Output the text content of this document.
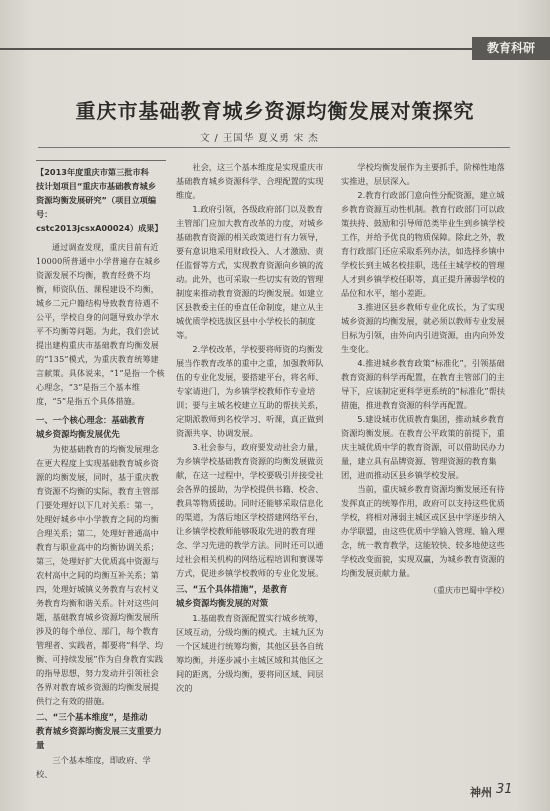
教育科研
重庆市基础教育城乡资源均衡发展对策探究
文 / 王国华 夏义勇 宋 杰
【2013年度重庆市第三批市科
技计划项目“重庆市基础教育城乡
资源均衡发展研究”（项目立项编号：
cstc2013jcsxA00024）成果】

通过调查发现，重庆目前有近10000所普通中小学普遍存在城乡资源发展不均衡，教育经费不均衡，师资队伍、课程建设不均衡，城乡二元户籍结构导致教育待遇不公平，学校自身的问题导致办学水平不均衡等问题。为此，我们尝试提出建构重庆市基础教育均衡发展的“135”模式，为重庆教育统筹建言献策。具体说来，“1”是指一个核心理念，“3”是指三个基本维度，“5”是指五个具体措施。

一、一个核心理念：基础教育
城乡资源均衡发展优先

为使基础教育的均衡发展理念在更大程度上实现基础教育城乡资源的均衡发展，同时，基于重庆教育资源不均衡的实际，教育主管部门要处理好以下几对关系：第一，处理好城乡中小学教育之间的均衡合理关系；第二，处理好普通高中教育与职业高中的均衡协调关系；第三，处理好扩大优质高中资源与农村高中之间的均衡互补关系；第四，处理好城镇义务教育与农村义务教育均衡和谐关系。针对这些问题，基础教育城乡资源均衡发展所涉及的每个单位、部门，每个教育管理者、实践者，都要将“科学、均衡、可持续发展”作为自身教育实践的指导思想，努力发动并引领社会各界对教育城乡资源的均衡发展提供行之有效的措施。

二、“三个基本维度”，是推动
教育城乡资源均衡发展三支重要力量

三个基本维度，即政府、学校、

社会，这三个基本维度是实现重庆市基础教育城乡资源科学、合理配置的实现维度。

1.政府引领，各级政府部门以及教育主管部门应加大教育改革的力度，对城乡基础教育资源的相关政策进行有力领导，要有意识地采用财政投入、人才激励、责任监督等方式，实现教育资源向乡镇的流动。此外，也可采取一些切实有效的管理制度来推动教育资源的均衡发展。如建立区县教委主任的垂直任命制度，建立从主城优质学校选拔区县中小学校长的制度等。

2.学校改革，学校要将师资的均衡发展当作教育改革的重中之重，加强教师队伍的专业化发展，要搭建平台，将名师、专家请进门，为乡镇学校教师作专业培训；要与主城名校建立互助的帮扶关系，定期派教师到名校学习、听课，真正做到资源共享、协调发展。

3.社会参与，政府要发动社会力量，为乡镇学校基础教育资源的均衡发展做贡献，在这一过程中，学校要吸引并接受社会各界的援助，为学校提供书籍、校舍、教具等物质援助。同时还能够采取信息化的渠道，为落后地区学校搭建网络平台，让乡镇学校教师能够吸取先进的教育理念、学习先进的教学方法。同时还可以通过社会相关机构的网络远程培训和赛课等方式，促进乡镇学校教师的专业化发展。

三、“五个具体措施”，是教育
城乡资源均衡发展的对策

1.基础教育资源配置实行城乡统筹，区域互动，分级均衡的模式。主城九区为一个区域进行统筹均衡，其他区县各自统筹均衡，并逐步减小主城区域和其他区之间的距离，分级均衡，要将同区域、同层次的

学校均衡发展作为主要抓手，阶梯性地落实推进，层层深入。

2.教育行政部门意向性分配资源，建立城乡教育资源互动性机制。教育行政部门可以政策扶持、鼓励和引导师范类毕业生到乡镇学校工作，并给予优良的物质保障。除此之外，教育行政部门还应采取系列办法，如选择乡镇中学校长到主城名校挂职，选任主城学校的管理人才到乡镇学校任职等，真正提升薄弱学校的品位和水平，缩小差距。

3.推进区县乡教师专业化成长，为了实现城乡资源的均衡发展，就必须以教师专业发展目标为引领，由外向内引进资源，由内向外发生变化。

4.推进城乡教育政策“标准化”，引领基础教育资源的科学再配置，在教育主管部门的主导下，应该制定更科学更系统的“标准化”帮扶措施，推进教育资源的科学再配置。

5.建设城市优质教育集团，推动城乡教育资源均衡发展。在教育公平政策的前提下，重庆主城优质中学的教育资源，可以借助民办力量，建立具有品牌资源、管理资源的教育集团，进而推动区县乡镇学校发展。

当前，重庆城乡教育资源均衡发展还有待发挥真正的统筹作用，政府可以支持这些优质学校，将相对薄弱主城区或区县中学逐步纳入办学联盟，由这些优质中学输入管理、输入理念，统一教育教学，这能较快、较多地使这些学校改变面貌，实现双赢，为城乡教育资源的均衡发展贡献力量。

（重庆市巴蜀中学校）
神州 31
